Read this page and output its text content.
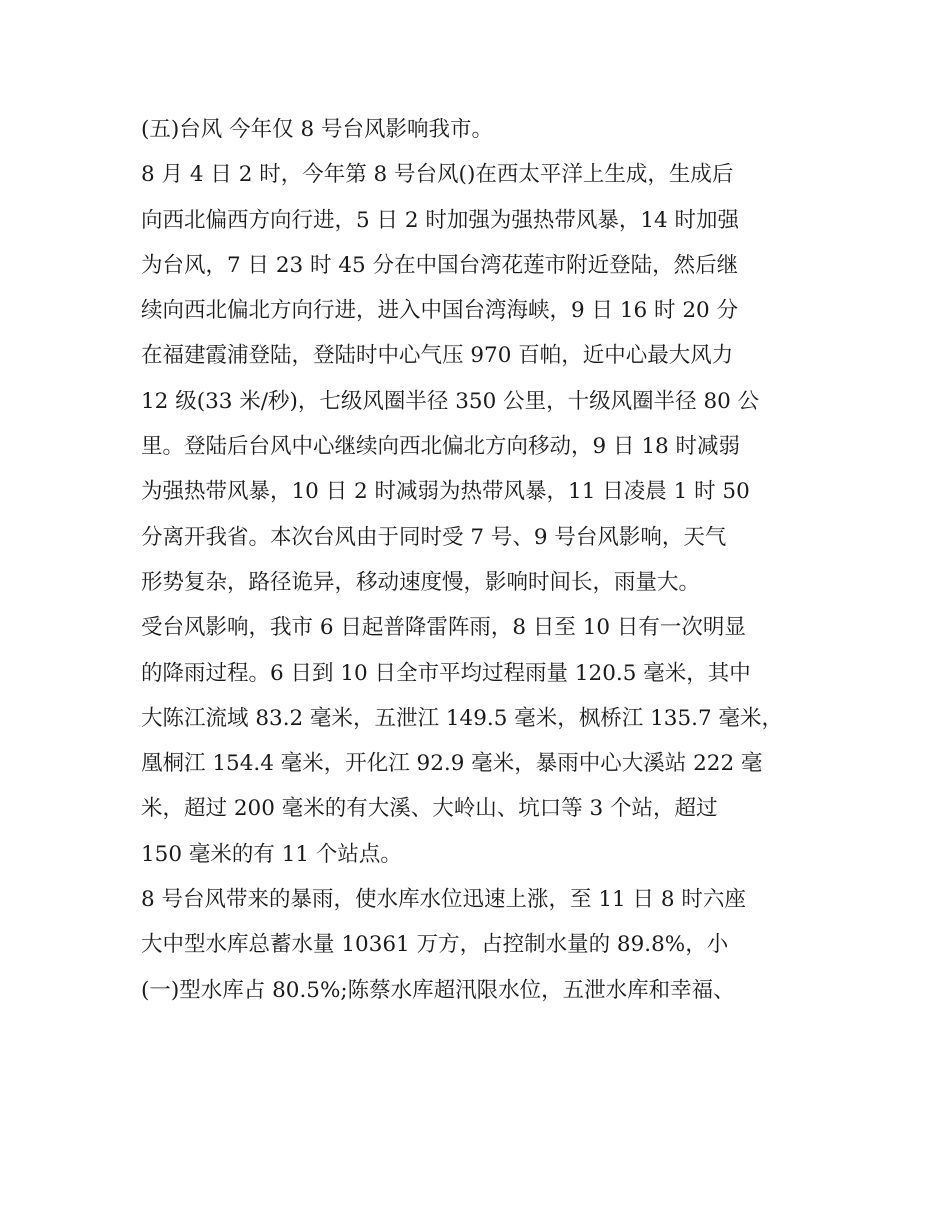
(五)台风 今年仅 8 号台风影响我市。
8 月 4 日 2 时，今年第 8 号台风()在西太平洋上生成，生成后
向西北偏西方向行进，5 日 2 时加强为强热带风暴，14 时加强
为台风，7 日 23 时 45 分在中国台湾花莲市附近登陆，然后继
续向西北偏北方向行进，进入中国台湾海峡，9 日 16 时 20 分
在福建霞浦登陆，登陆时中心气压 970 百帕，近中心最大风力
12 级(33 米/秒)，七级风圈半径 350 公里，十级风圈半径 80 公
里。登陆后台风中心继续向西北偏北方向移动，9 日 18 时减弱
为强热带风暴，10 日 2 时减弱为热带风暴，11 日凌晨 1 时 50
分离开我省。本次台风由于同时受 7 号、9 号台风影响，天气
形势复杂，路径诡异，移动速度慢，影响时间长，雨量大。
受台风影响，我市 6 日起普降雷阵雨，8 日至 10 日有一次明显
的降雨过程。6 日到 10 日全市平均过程雨量 120.5 毫米，其中
大陈江流域 83.2 毫米，五泄江 149.5 毫米，枫桥江 135.7 毫米，
凰桐江 154.4 毫米，开化江 92.9 毫米，暴雨中心大溪站 222 毫
米，超过 200 毫米的有大溪、大岭山、坑口等 3 个站，超过
150 毫米的有 11 个站点。
8 号台风带来的暴雨，使水库水位迅速上涨，至 11 日 8 时六座
大中型水库总蓄水量 10361 万方，占控制水量的 89.8%，小
(一)型水库占 80.5%;陈蔡水库超汛限水位，五泄水库和幸福、
